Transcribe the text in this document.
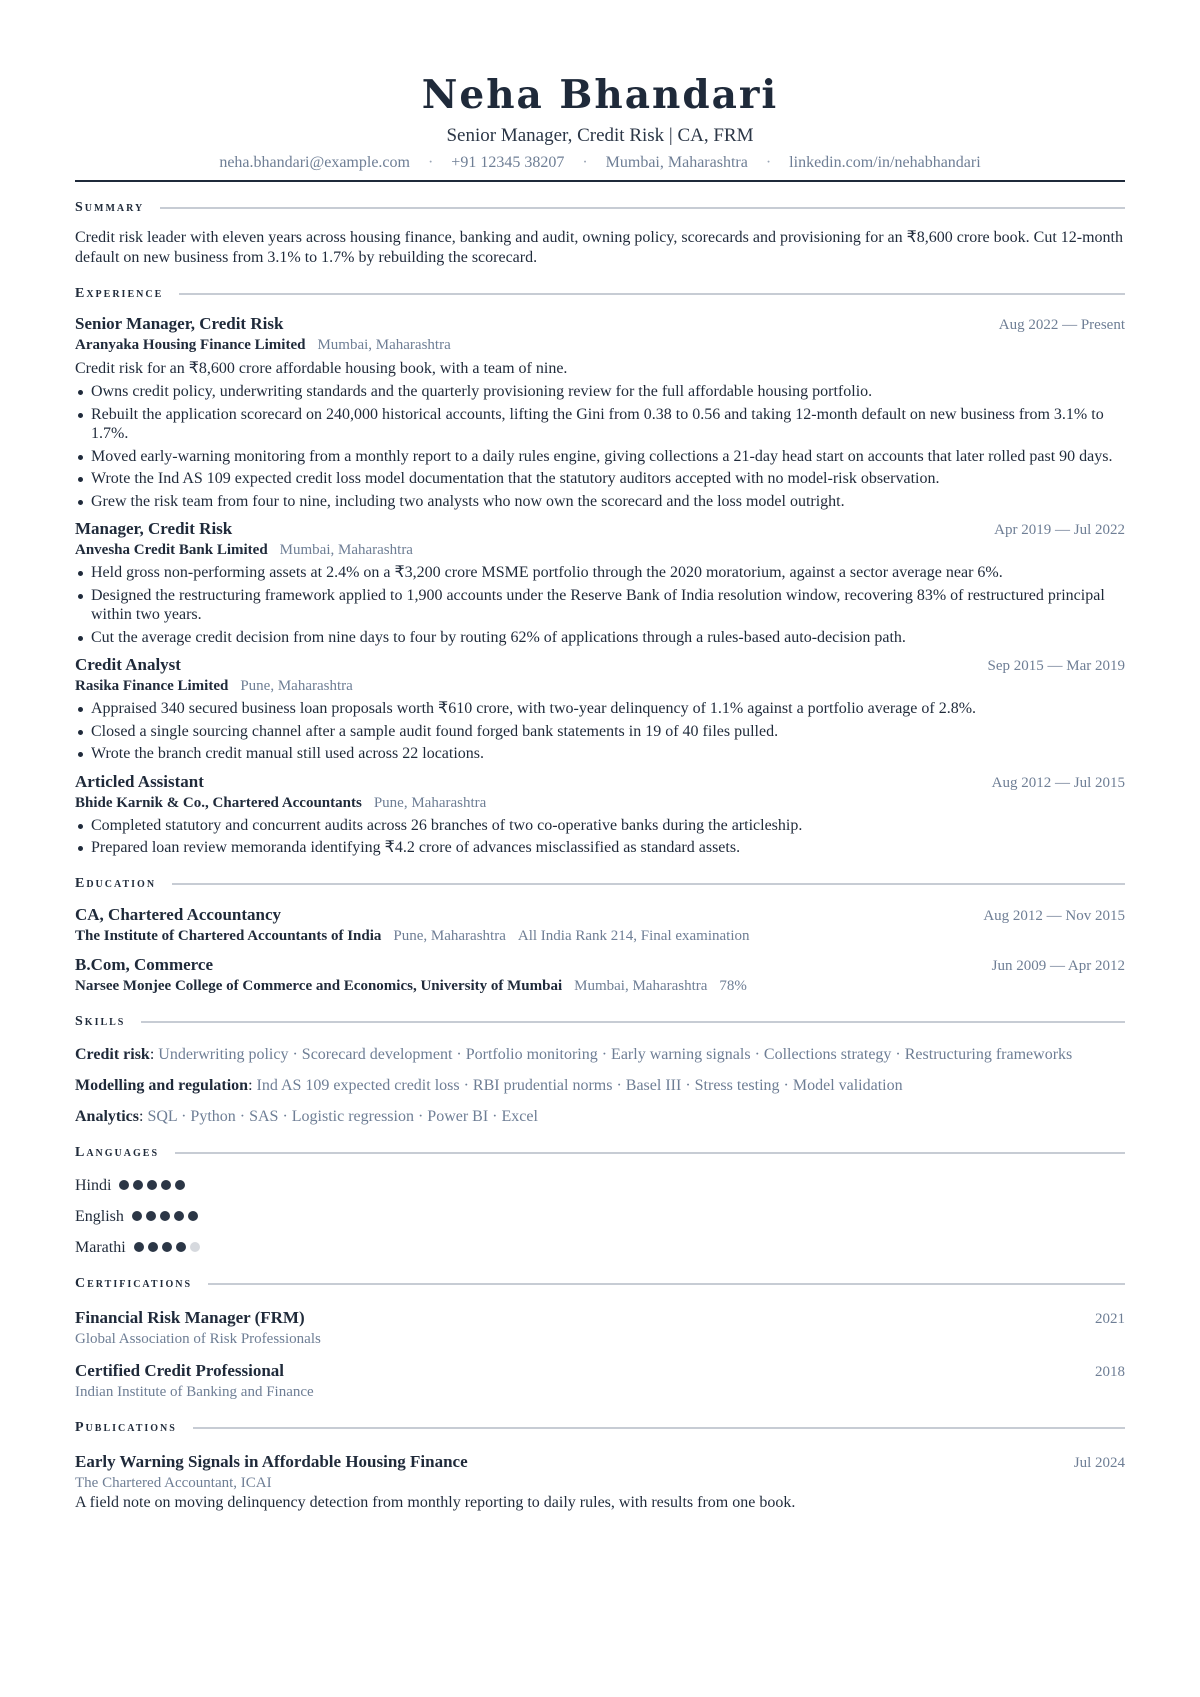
Neha Bhandari
Senior Manager, Credit Risk | CA, FRM
neha.bhandari@example.com · +91 12345 38207 · Mumbai, Maharashtra · linkedin.com/in/nehabhandari
Summary
Credit risk leader with eleven years across housing finance, banking and audit, owning policy, scorecards and provisioning for an ₹8,600 crore book. Cut 12-month default on new business from 3.1% to 1.7% by rebuilding the scorecard.
Experience
Senior Manager, Credit Risk	Aug 2022 — Present
Aranyaka Housing Finance Limited Mumbai, Maharashtra
Credit risk for an ₹8,600 crore affordable housing book, with a team of nine.
Owns credit policy, underwriting standards and the quarterly provisioning review for the full affordable housing portfolio.
Rebuilt the application scorecard on 240,000 historical accounts, lifting the Gini from 0.38 to 0.56 and taking 12-month default on new business from 3.1% to 1.7%.
Moved early-warning monitoring from a monthly report to a daily rules engine, giving collections a 21-day head start on accounts that later rolled past 90 days.
Wrote the Ind AS 109 expected credit loss model documentation that the statutory auditors accepted with no model-risk observation.
Grew the risk team from four to nine, including two analysts who now own the scorecard and the loss model outright.
Manager, Credit Risk	Apr 2019 — Jul 2022
Anvesha Credit Bank Limited Mumbai, Maharashtra
Held gross non-performing assets at 2.4% on a ₹3,200 crore MSME portfolio through the 2020 moratorium, against a sector average near 6%.
Designed the restructuring framework applied to 1,900 accounts under the Reserve Bank of India resolution window, recovering 83% of restructured principal within two years.
Cut the average credit decision from nine days to four by routing 62% of applications through a rules-based auto-decision path.
Credit Analyst	Sep 2015 — Mar 2019
Rasika Finance Limited Pune, Maharashtra
Appraised 340 secured business loan proposals worth ₹610 crore, with two-year delinquency of 1.1% against a portfolio average of 2.8%.
Closed a single sourcing channel after a sample audit found forged bank statements in 19 of 40 files pulled.
Wrote the branch credit manual still used across 22 locations.
Articled Assistant	Aug 2012 — Jul 2015
Bhide Karnik & Co., Chartered Accountants Pune, Maharashtra
Completed statutory and concurrent audits across 26 branches of two co-operative banks during the articleship.
Prepared loan review memoranda identifying ₹4.2 crore of advances misclassified as standard assets.
Education
CA, Chartered Accountancy	Aug 2012 — Nov 2015
The Institute of Chartered Accountants of India Pune, Maharashtra All India Rank 214, Final examination
B.Com, Commerce	Jun 2009 — Apr 2012
Narsee Monjee College of Commerce and Economics, University of Mumbai Mumbai, Maharashtra 78%
Skills
Credit risk: Underwriting policy · Scorecard development · Portfolio monitoring · Early warning signals · Collections strategy · Restructuring frameworks
Modelling and regulation: Ind AS 109 expected credit loss · RBI prudential norms · Basel III · Stress testing · Model validation
Analytics: SQL · Python · SAS · Logistic regression · Power BI · Excel
Languages
Hindi
English
Marathi
Certifications
Financial Risk Manager (FRM)	2021
Global Association of Risk Professionals
Certified Credit Professional	2018
Indian Institute of Banking and Finance
Publications
Early Warning Signals in Affordable Housing Finance	Jul 2024
The Chartered Accountant, ICAI
A field note on moving delinquency detection from monthly reporting to daily rules, with results from one book.
